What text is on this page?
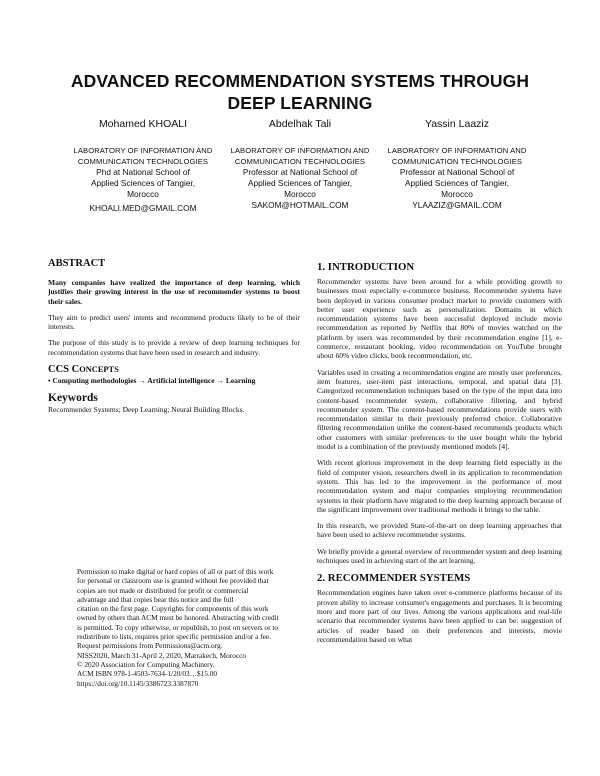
ADVANCED RECOMMENDATION SYSTEMS THROUGH
DEEP LEARNING
Mohamed KHOALI
LABORATORY OF INFORMATION AND
COMMUNICATION TECHNOLOGIES
Phd at National School of
Applied Sciences of Tangier,
Morocco
KHOALI.MED@GMAIL.COM
Abdelhak Tali
LABORATORY OF INFORMATION AND
COMMUNICATION TECHNOLOGIES
Professor at National School of
Applied Sciences of Tangier,
Morocco
SAKOM@HOTMAIL.COM
Yassin Laaziz
LABORATORY OF INFORMATION AND
COMMUNICATION TECHNOLOGIES
Professor at National School of
Applied Sciences of Tangier,
Morocco
YLAAZIZ@GMAIL.COM
ABSTRACT

Many companies have realized the importance of deep learning, which justifies their growing interest in the use of recommender systems to boost their sales.

They aim to predict users' intents and recommend products likely to be of their interests.

The purpose of this study is to provide a review of deep learning techniques for recommendation systems that have been used in research and industry.

CCS CONCEPTS

• Computing methodologies → Artificial intelligence → Learning

Keywords

Recommender Systems; Deep Learning; Neural Building Blocks.

Permission to make digital or hard copies of all or part of this work
for personal or classroom use is granted without fee provided that
copies are not made or distributed for profit or commercial
advantage and that copies bear this notice and the full
citation on the first page. Copyrights for components of this work
owned by others than ACM must be honored. Abstracting with credit
is permitted. To copy otherwise, or republish, to post on servers or to
redistribute to lists, requires prior specific permission and/or a fee.
Request permissions from Permissions@acm.org.
NISS2020, March 31-April 2, 2020, Marrakech, Morocco
© 2020 Association for Computing Machinery.
ACM ISBN 978-1-4503-7634-1/20/03…$15.00
https://doi.org/10.1145/3386723.3387870
1. INTRODUCTION

Recommender systems have been around for a while providing growth to businesses most especially e-commerce business. Recommender systems have been deployed in various consumer product market to provide customers with better user experience such as personalization. Domains in which recommendation systems have been successful deployed include movie recommendation as reported by Netflix that 80% of movies watched on the platform by users was recommended by their recommendation engine [1], e-commerce, restaurant booking, video recommendation on YouTube brought about 60% video clicks, book recommendation, etc.

Variables used in creating a recommendation engine are mostly user preferences, item features, user-item past interactions, temporal, and spatial data [3]. Categorized recommendation techniques based on the type of the input data into content-based recommender system, collaborative filtering, and hybrid recommender system. The content-based recommendations provide users with recommendation similar to their previously preferred choice. Collaborative filtering recommendation unlike the content-based recommends products which other customers with similar preferences to the user bought while the hybrid model is a combination of the previously mentioned models [4].

With recent glorious improvement in the deep learning field especially in the field of computer vision, researchers dwell in its application to recommendation system. This has led to the improvement in the performance of most recommendation system and major companies employing recommendation systems in their platform have migrated to the deep learning approach because of the significant improvement over traditional methods it brings to the table.

In this research, we provided State-of-the-art on deep learning approaches that have been used to achieve recommender systems.

We briefly provide a general overview of recommender system and deep learning techniques used in achieving start of the art learning.

2. RECOMMENDER SYSTEMS

Recommendation engines have taken over e-commerce platforms because of its proven ability to increase consumer's engagements and purchases. It is becoming more and more part of our lives. Among the various applications and real-life scenario that recommender systems have been applied to can be: suggestion of articles of reader based on their preferences and interests, movie recommendation based on what
